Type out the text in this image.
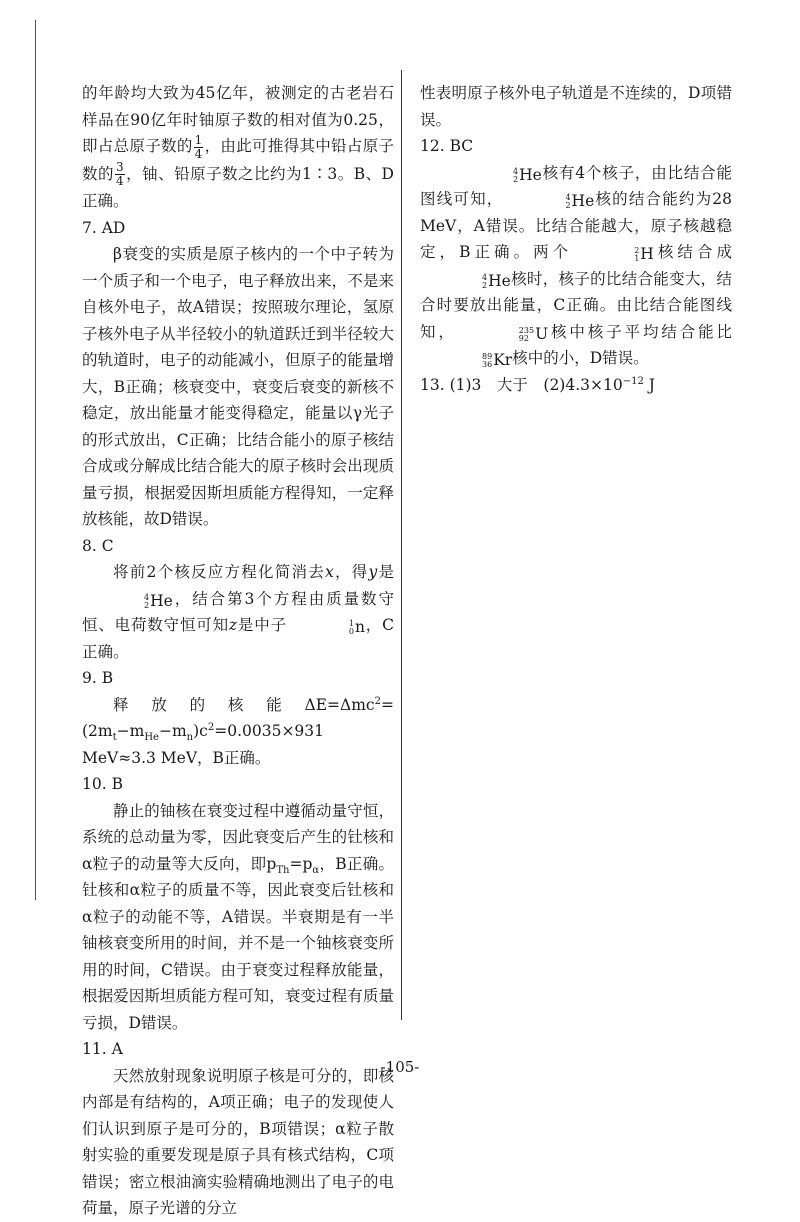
的年龄均大致为45亿年，被测定的古老岩石样品在90亿年时铀原子数的相对值为0.25，即占总原子数的 $\frac{1}{4}$ ，由此可推得其中铅占原子数的 $\frac{3}{4}$ ，铀、铅原子数之比约为1∶3。B、D正确。

7. AD

β衰变的实质是原子核内的一个中子转为一个质子和一个电子，电子释放出来，不是来自核外电子，故A错误；按照玻尔理论，氢原子核外电子从半径较小的轨道跃迁到半径较大的轨道时，电子的动能减小，但原子的能量增大，B正确；核衰变中，衰变后衰变的新核不稳定，放出能量才能变得稳定，能量以γ光子的形式放出，C正确；比结合能小的原子核结合成或分解成比结合能大的原子核时会出现质量亏损，根据爱因斯坦质能方程得知，一定释放核能，故D错误。

8. C

将前2个核反应方程化简消去x，得y是
4
2 He，结合第3个方程由质量数守恒、电荷数守恒可知z是中子	1
0 n，C正确。

9. B

释放的核能$\Delta E=\Delta mc^2=(2m_t-m_{He}-m_n)c^2=0.0035\times 931$ MeV≈3.3 MeV，B正确。

10. B

静止的铀核在衰变过程中遵循动量守恒，系统的总动量为零，因此衰变后产生的钍核和α粒子的动量等大反向，即$p_{Th}=p_\alpha$，B正确。钍核和α粒子的质量不等，因此衰变后钍核和α粒子的动能不等，A错误。半衰期是有一半铀核衰变所用的时间，并不是一个铀核衰变所用的时间，C错误。由于衰变过程释放能量，根据爱因斯坦质能方程可知，衰变过程有质量亏损，D错误。

11. A

天然放射现象说明原子核是可分的，即核内部是有结构的，A项正确；电子的发现使人们认识到原子是可分的，B项错误；α粒子散射实验的重要发现是原子具有核式结构，C项错误；密立根油滴实验精确地测出了电子的电荷量，原子光谱的分立

性表明原子核外电子轨道是不连续的，D项错误。

12. BC

4
2 He核有4个核子，由比结合能图线可知，	4
2 He核的结合能约为28 MeV，A错误。比结合能越大，原子核越稳定，B正确。两个	2
1 H核结合成
4
2 He核时，核子的比结合能变大，结合时要放出能量，C正确。由比结合能图线知，	235
92 U核中核子平均结合能比
89
36 Kr核中的小，D错误。

13. (1)3　大于　$(2)4.3\times 10^{-12}$ J

-105-
